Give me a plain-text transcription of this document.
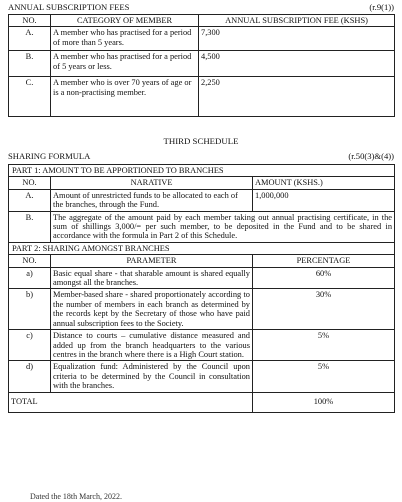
ANNUAL SUBSCRIPTION FEES	(r.9(1))
NO.	CATEGORY OF MEMBER	ANNUAL SUBSCRIPTION FEE (KSHS)
A.	A member who has practised for a period of more than 5 years.	7,300
B.	A member who has practised for a period of 5 years or less.	4,500
C.	A member who is over 70 years of age or is a non-practising member.	2,250
THIRD SCHEDULE
SHARING FORMULA	(r.50(3)&(4))
PART 1: AMOUNT TO BE APPORTIONED TO BRANCHES		
NO.	NARATIVE	AMOUNT (KSHS.)
A.	Amount of unrestricted funds to be allocated to each of the branches, through the Fund.	1,000,000
B.	The aggregate of the amount paid by each member taking out annual practising certificate, in the sum of shillings 3,000/= per such member, to be deposited in the Fund and to be shared in accordance with the formula in Part 2 of this Schedule.	
PART 2: SHARING AMONGST BRANCHES		
NO.	PARAMETER	PERCENTAGE
a)	Basic equal share - that sharable amount is shared equally amongst all the branches.	60%
b)	Member-based share - shared proportionately according to the number of members in each branch as determined by the records kept by the Secretary of those who have paid annual subscription fees to the Society.	30%
c)	Distance to courts – cumulative distance measured and added up from the branch headquarters to the various centres in the branch where there is a High Court station.	5%
d)	Equalization fund: Administered by the Council upon criteria to be determined by the Council in consultation with the branches.	5%
TOTAL		100%
Dated the 18th March, 2022.
